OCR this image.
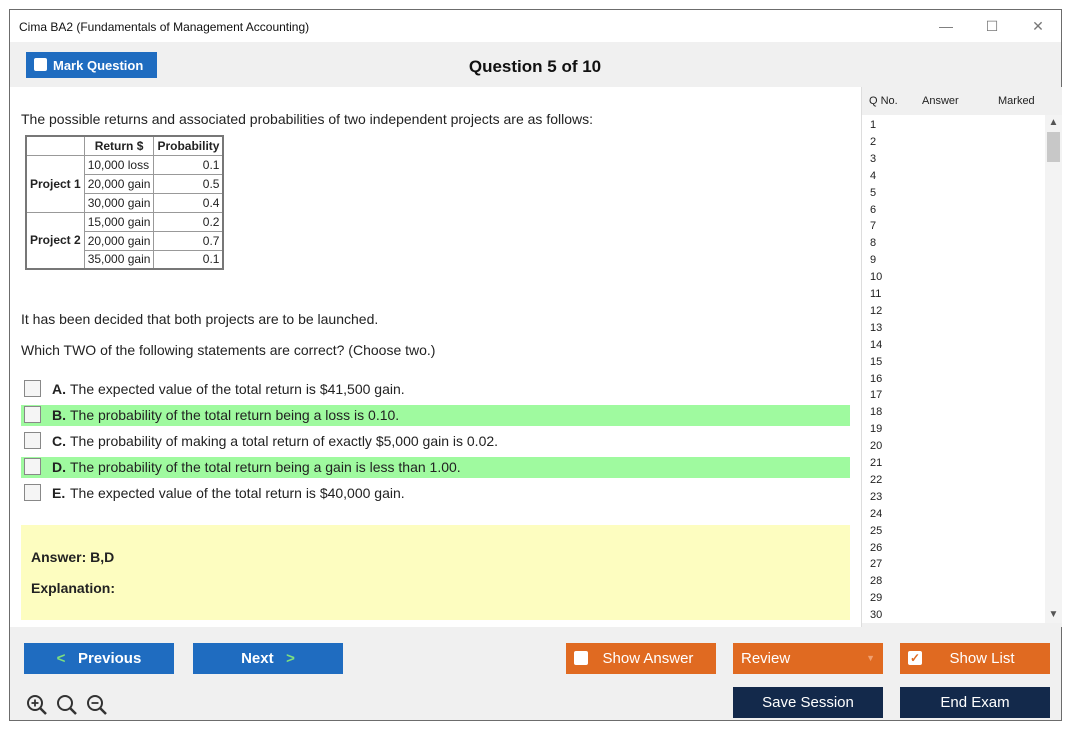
Cima BA2 (Fundamentals of Management Accounting)	—	☐	✕
Mark Question	Question 5 of 10
The possible returns and associated probabilities of two independent projects are as follows:
	Return $	Probability
Project 1	10,000 loss	0.1
	20,000 gain	0.5
	30,000 gain	0.4
Project 2	15,000 gain	0.2
	20,000 gain	0.7
	35,000 gain	0.1
It has been decided that both projects are to be launched.
Which TWO of the following statements are correct? (Choose two.)
A. The expected value of the total return is $41,500 gain.
B. The probability of the total return being a loss is 0.10.
C. The probability of making a total return of exactly $5,000 gain is 0.02.
D. The probability of the total return being a gain is less than 1.00.
E. The expected value of the total return is $40,000 gain.
Answer: B,D
Explanation:
Q No. Answer	Marked
▲
▼
1
2
3
4
5
6
7
8
9
10
11
12
13
14
15
16
17
18
19
20
21
22
23
24
25
26
27
28
29
30
< Previous	Next >	Show Answer	Review	▼	✓ Show List
Save Session	End Exam
